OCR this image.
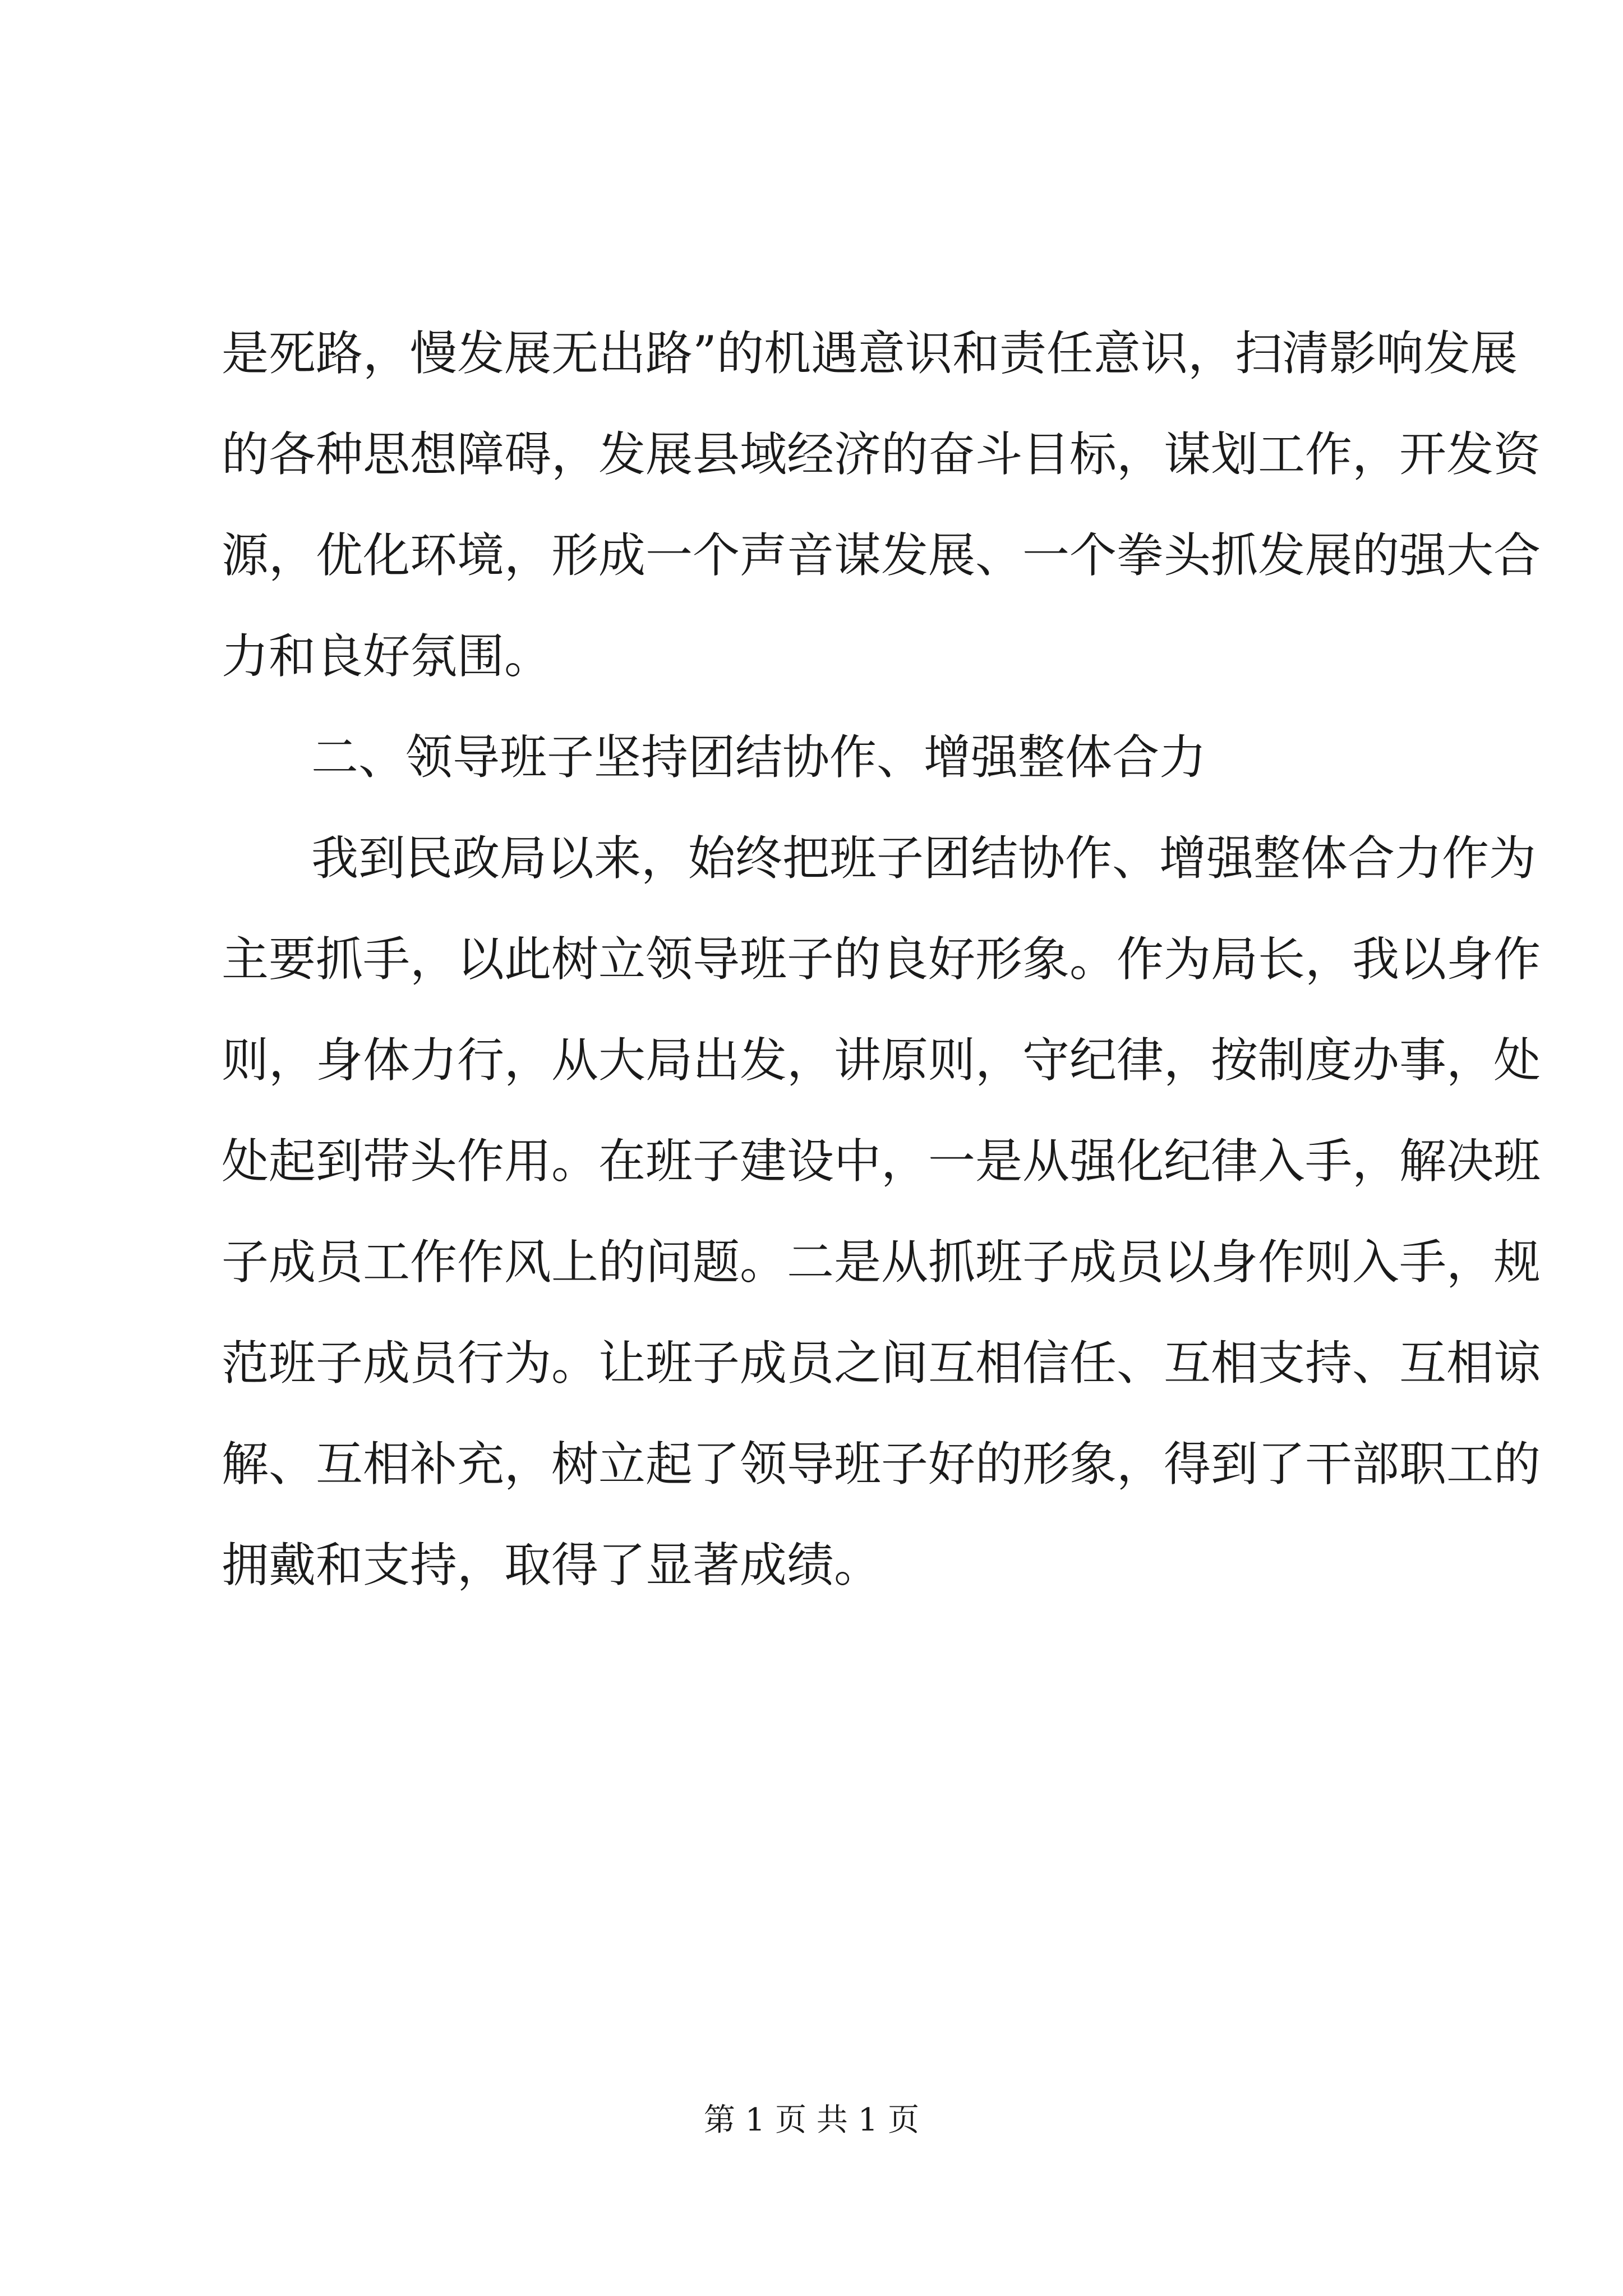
是死路，慢发展无出路”的机遇意识和责任意识，扫清影响发展
的各种思想障碍，发展县域经济的奋斗目标，谋划工作，开发资
源，优化环境，形成一个声音谋发展、一个拳头抓发展的强大合
力和良好氛围。
二、领导班子坚持团结协作、增强整体合力
我到民政局以来，始终把班子团结协作、增强整体合力作为
主要抓手，以此树立领导班子的良好形象。作为局长，我以身作
则，身体力行，从大局出发，讲原则，守纪律，按制度办事，处
处起到带头作用。在班子建设中，一是从强化纪律入手，解决班
子成员工作作风上的问题。二是从抓班子成员以身作则入手，规
范班子成员行为。让班子成员之间互相信任、互相支持、互相谅
解、互相补充，树立起了领导班子好的形象，得到了干部职工的
拥戴和支持，取得了显著成绩。
第 1 页 共 1 页
